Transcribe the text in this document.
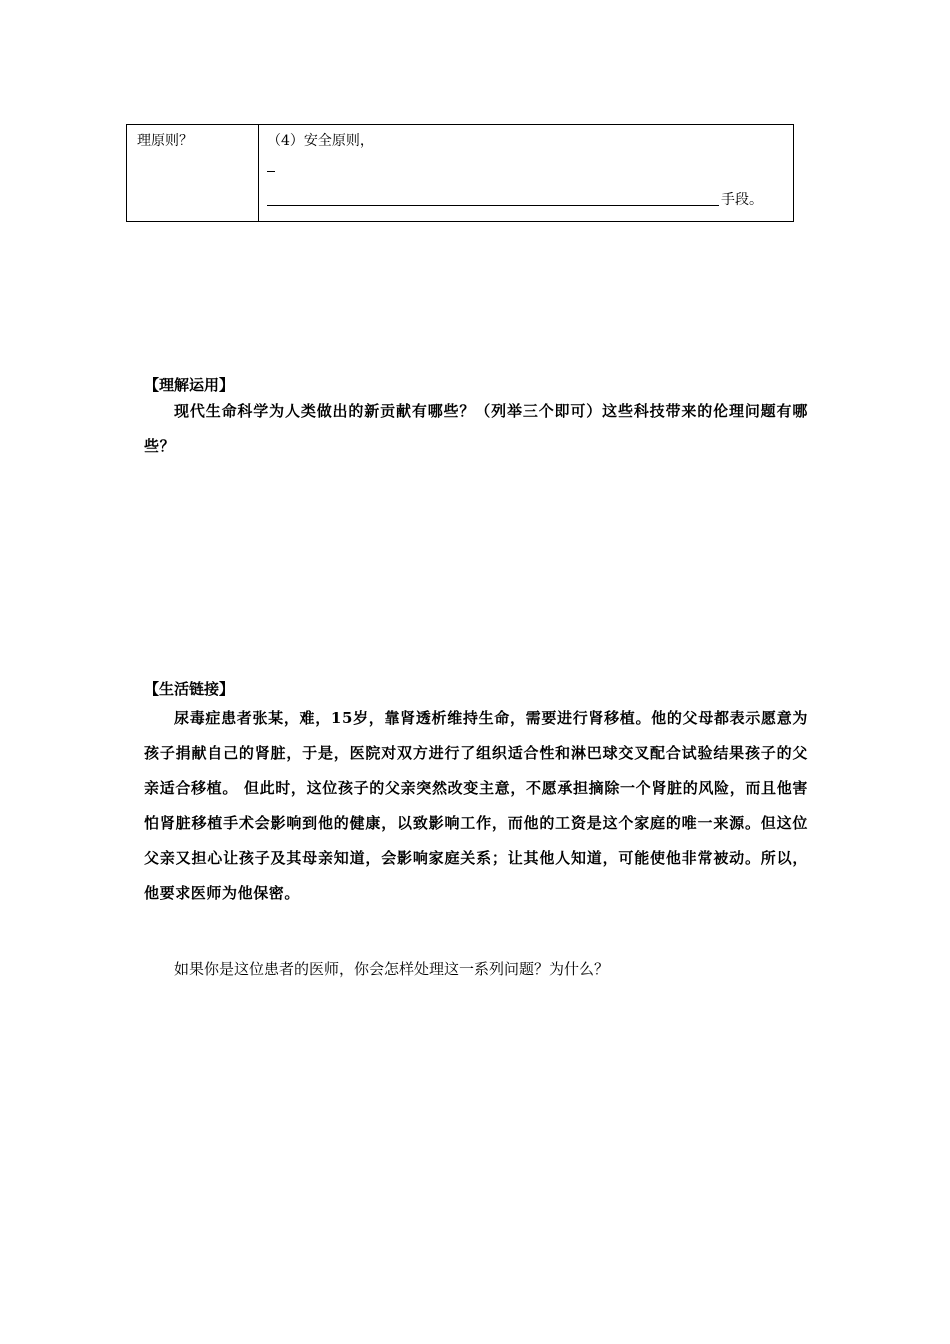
理原则？	（4）安全原则，
手段。
【理解运用】
现代生命科学为人类做出的新贡献有哪些？（列举三个即可）这些科技带来的伦理问题有哪些？
【生活链接】
尿毒症患者张某，难，15岁，靠肾透析维持生命，需要进行肾移植。他的父母都表示愿意为孩子捐献自己的肾脏，于是，医院对双方进行了组织适合性和淋巴球交叉配合试验结果孩子的父亲适合移植。 但此时，这位孩子的父亲突然改变主意，不愿承担摘除一个肾脏的风险，而且他害怕肾脏移植手术会影响到他的健康，以致影响工作，而他的工资是这个家庭的唯一来源。但这位父亲又担心让孩子及其母亲知道，会影响家庭关系；让其他人知道，可能使他非常被动。所以，他要求医师为他保密。
如果你是这位患者的医师，你会怎样处理这一系列问题？为什么？
